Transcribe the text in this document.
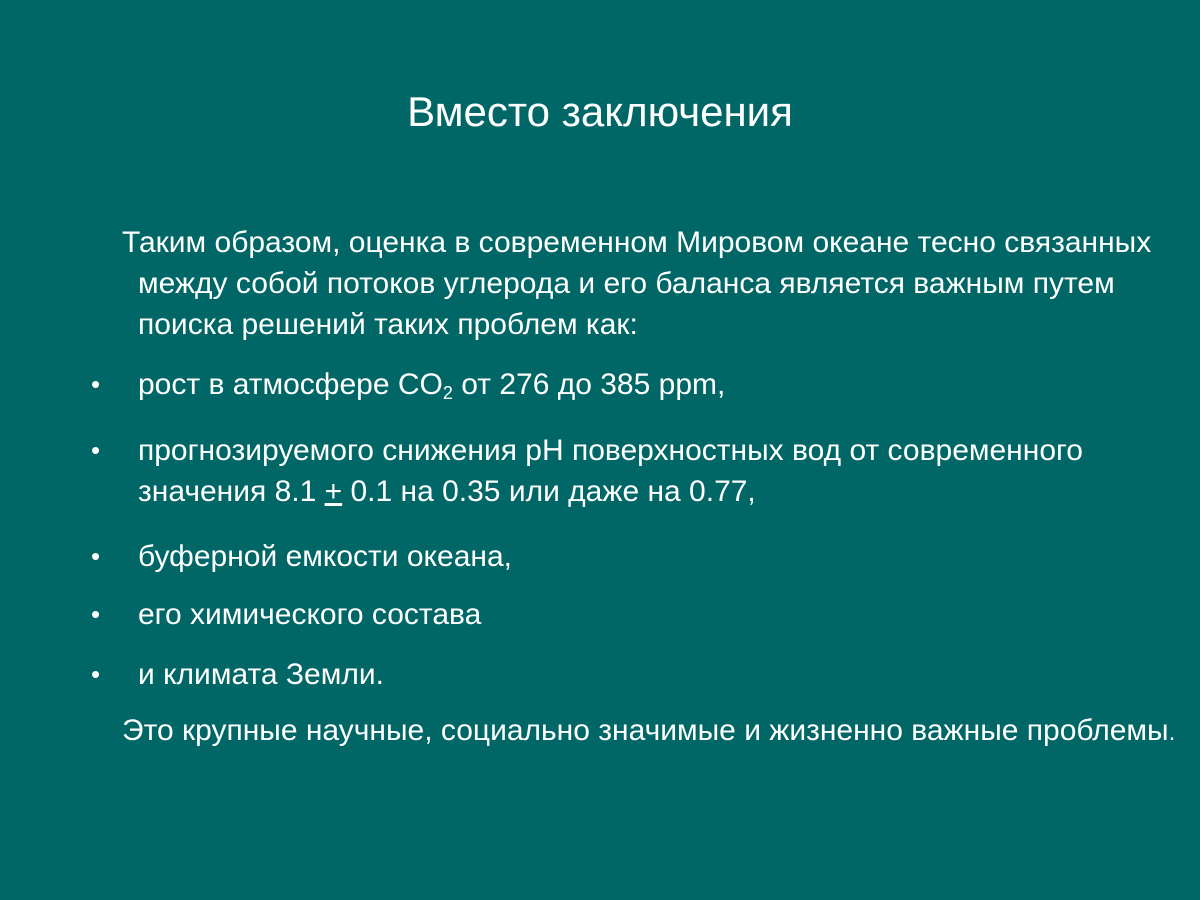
Вместо заключения
Таким образом, оценка в современном Мировом океане тесно связанных между собой потоков углерода и его баланса является важным путем поиска решений таких проблем как:
• рост в атмосфере $CO_2$ от 276 до 385 ppm,
• прогнозируемого снижения pH поверхностных вод от современного значения 8.1 + 0.1 на 0.35 или даже на 0.77,
• буферной емкости океана,
• его химического состава
• и климата Земли.
Это крупные научные, социально значимые и жизненно важные проблемы.
